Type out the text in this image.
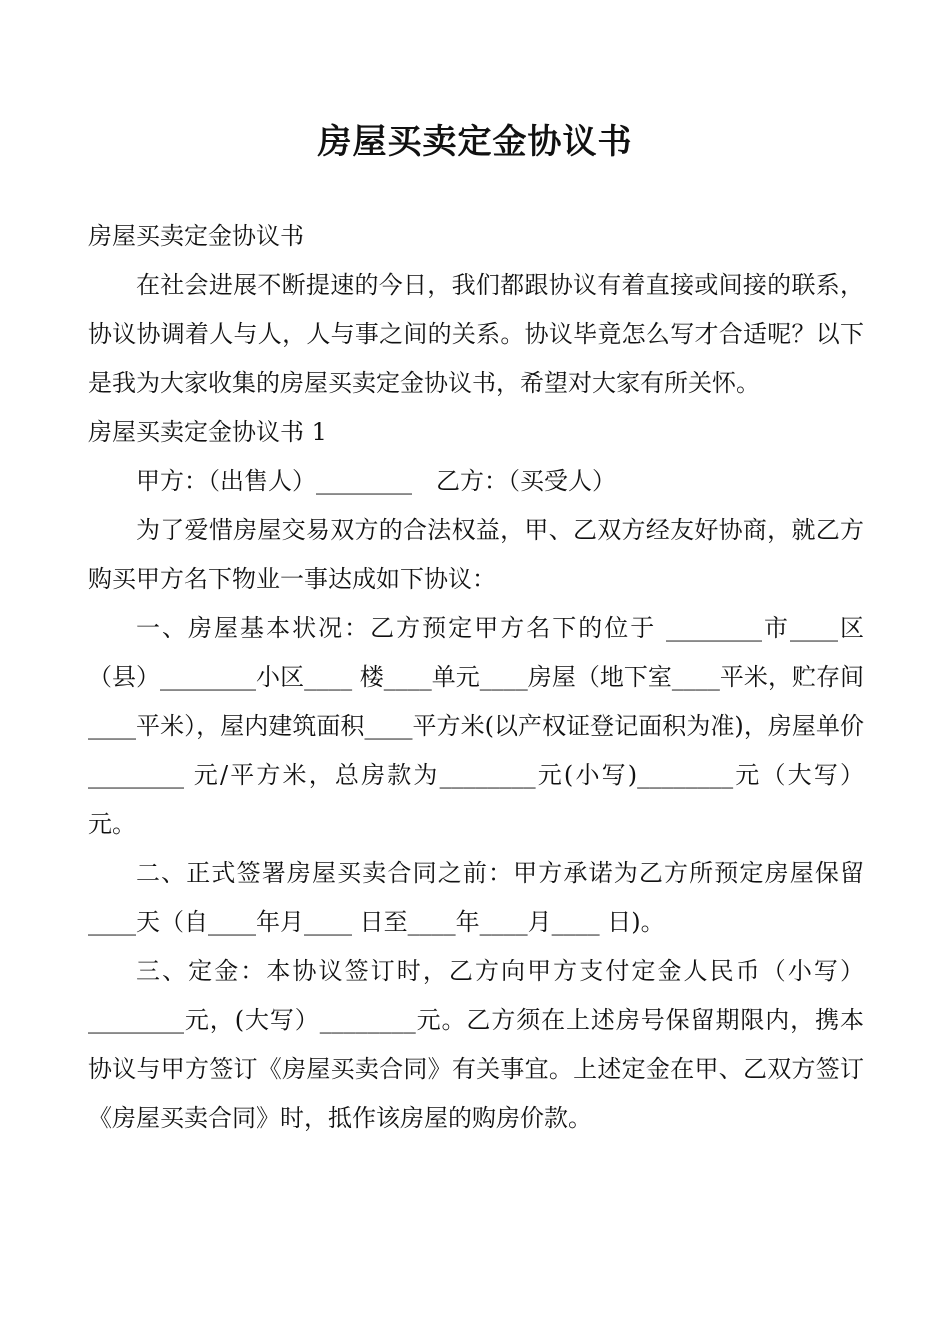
房屋买卖定金协议书

房屋买卖定金协议书

在社会进展不断提速的今日，我们都跟协议有着直接或间接的联系，协议协调着人与人，人与事之间的关系。协议毕竟怎么写才合适呢？以下是我为大家收集的房屋买卖定金协议书，希望对大家有所关怀。

房屋买卖定金协议书 1

甲方：（出售人）________　乙方：（买受人）

为了爱惜房屋交易双方的合法权益，甲、乙双方经友好协商，就乙方购买甲方名下物业一事达成如下协议：

一、房屋基本状况：乙方预定甲方名下的位于 ________市____区（县）________小区____ 楼____单元____房屋（地下室____平米，贮存间____平米），屋内建筑面积____平方米(以产权证登记面积为准)，房屋单价________ 元/平方米，总房款为________元(小写)________元（大写）元。

二、正式签署房屋买卖合同之前：甲方承诺为乙方所预定房屋保留____天（自____年月____ 日至____年____月____ 日)。

三、定金：本协议签订时，乙方向甲方支付定金人民币（小写）________元，(大写）________元。乙方须在上述房号保留期限内，携本协议与甲方签订《房屋买卖合同》有关事宜。上述定金在甲、乙双方签订《房屋买卖合同》时，抵作该房屋的购房价款。
